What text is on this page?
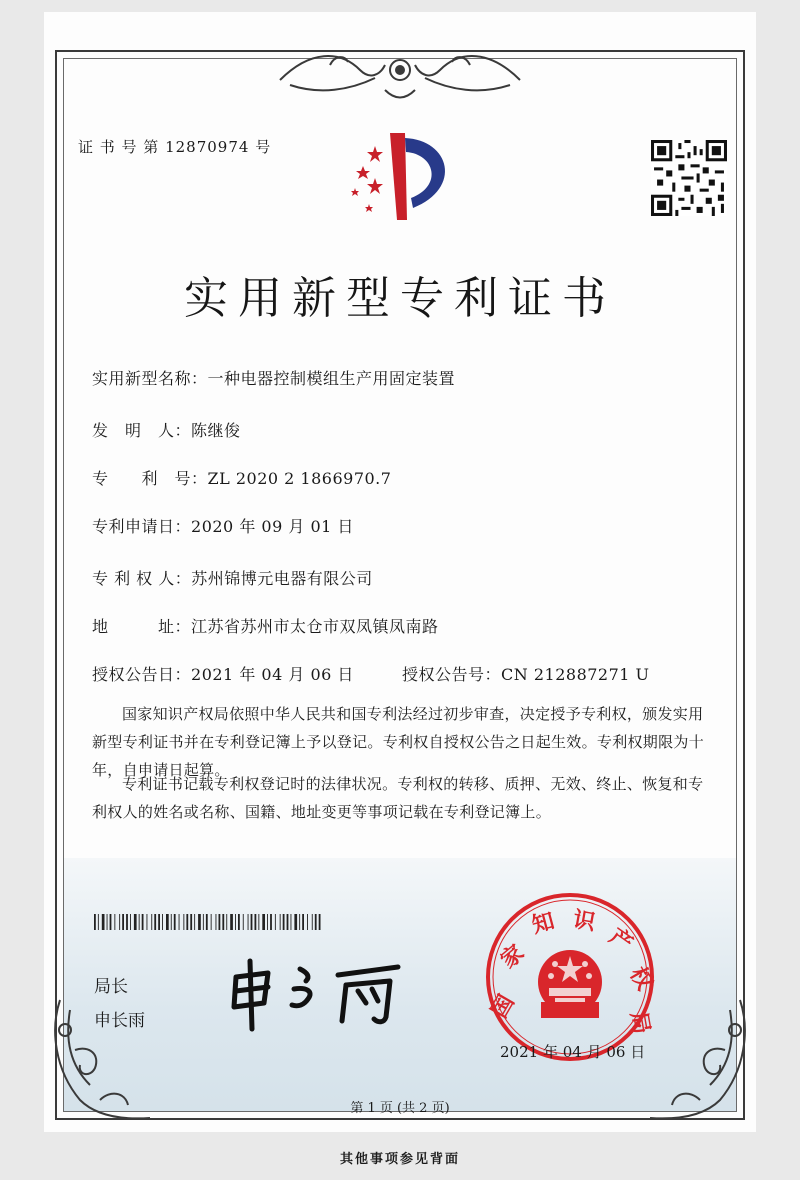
证 书 号 第 12870974 号
实用新型专利证书
实用新型名称：一种电器控制模组生产用固定装置
发　明　人：陈继俊
专　　利　号：ZL 2020 2 1866970.7
专利申请日：2020 年 09 月 01 日
专 利 权 人：苏州锦博元电器有限公司
地　　　址：江苏省苏州市太仓市双凤镇凤南路
授权公告日：2021 年 04 月 06 日	授权公告号：CN 212887271 U
国家知识产权局依照中华人民共和国专利法经过初步审查，决定授予专利权，颁发实用新型专利证书并在专利登记簿上予以登记。专利权自授权公告之日起生效。专利权期限为十年，自申请日起算。
专利证书记载专利权登记时的法律状况。专利权的转移、质押、无效、终止、恢复和专利权人的姓名或名称、国籍、地址变更等事项记载在专利登记簿上。
局长
申长雨	国
家
知 识
产
权
局
2021 年 04 月 06 日
第 1 页 (共 2 页)
其他事项参见背面
